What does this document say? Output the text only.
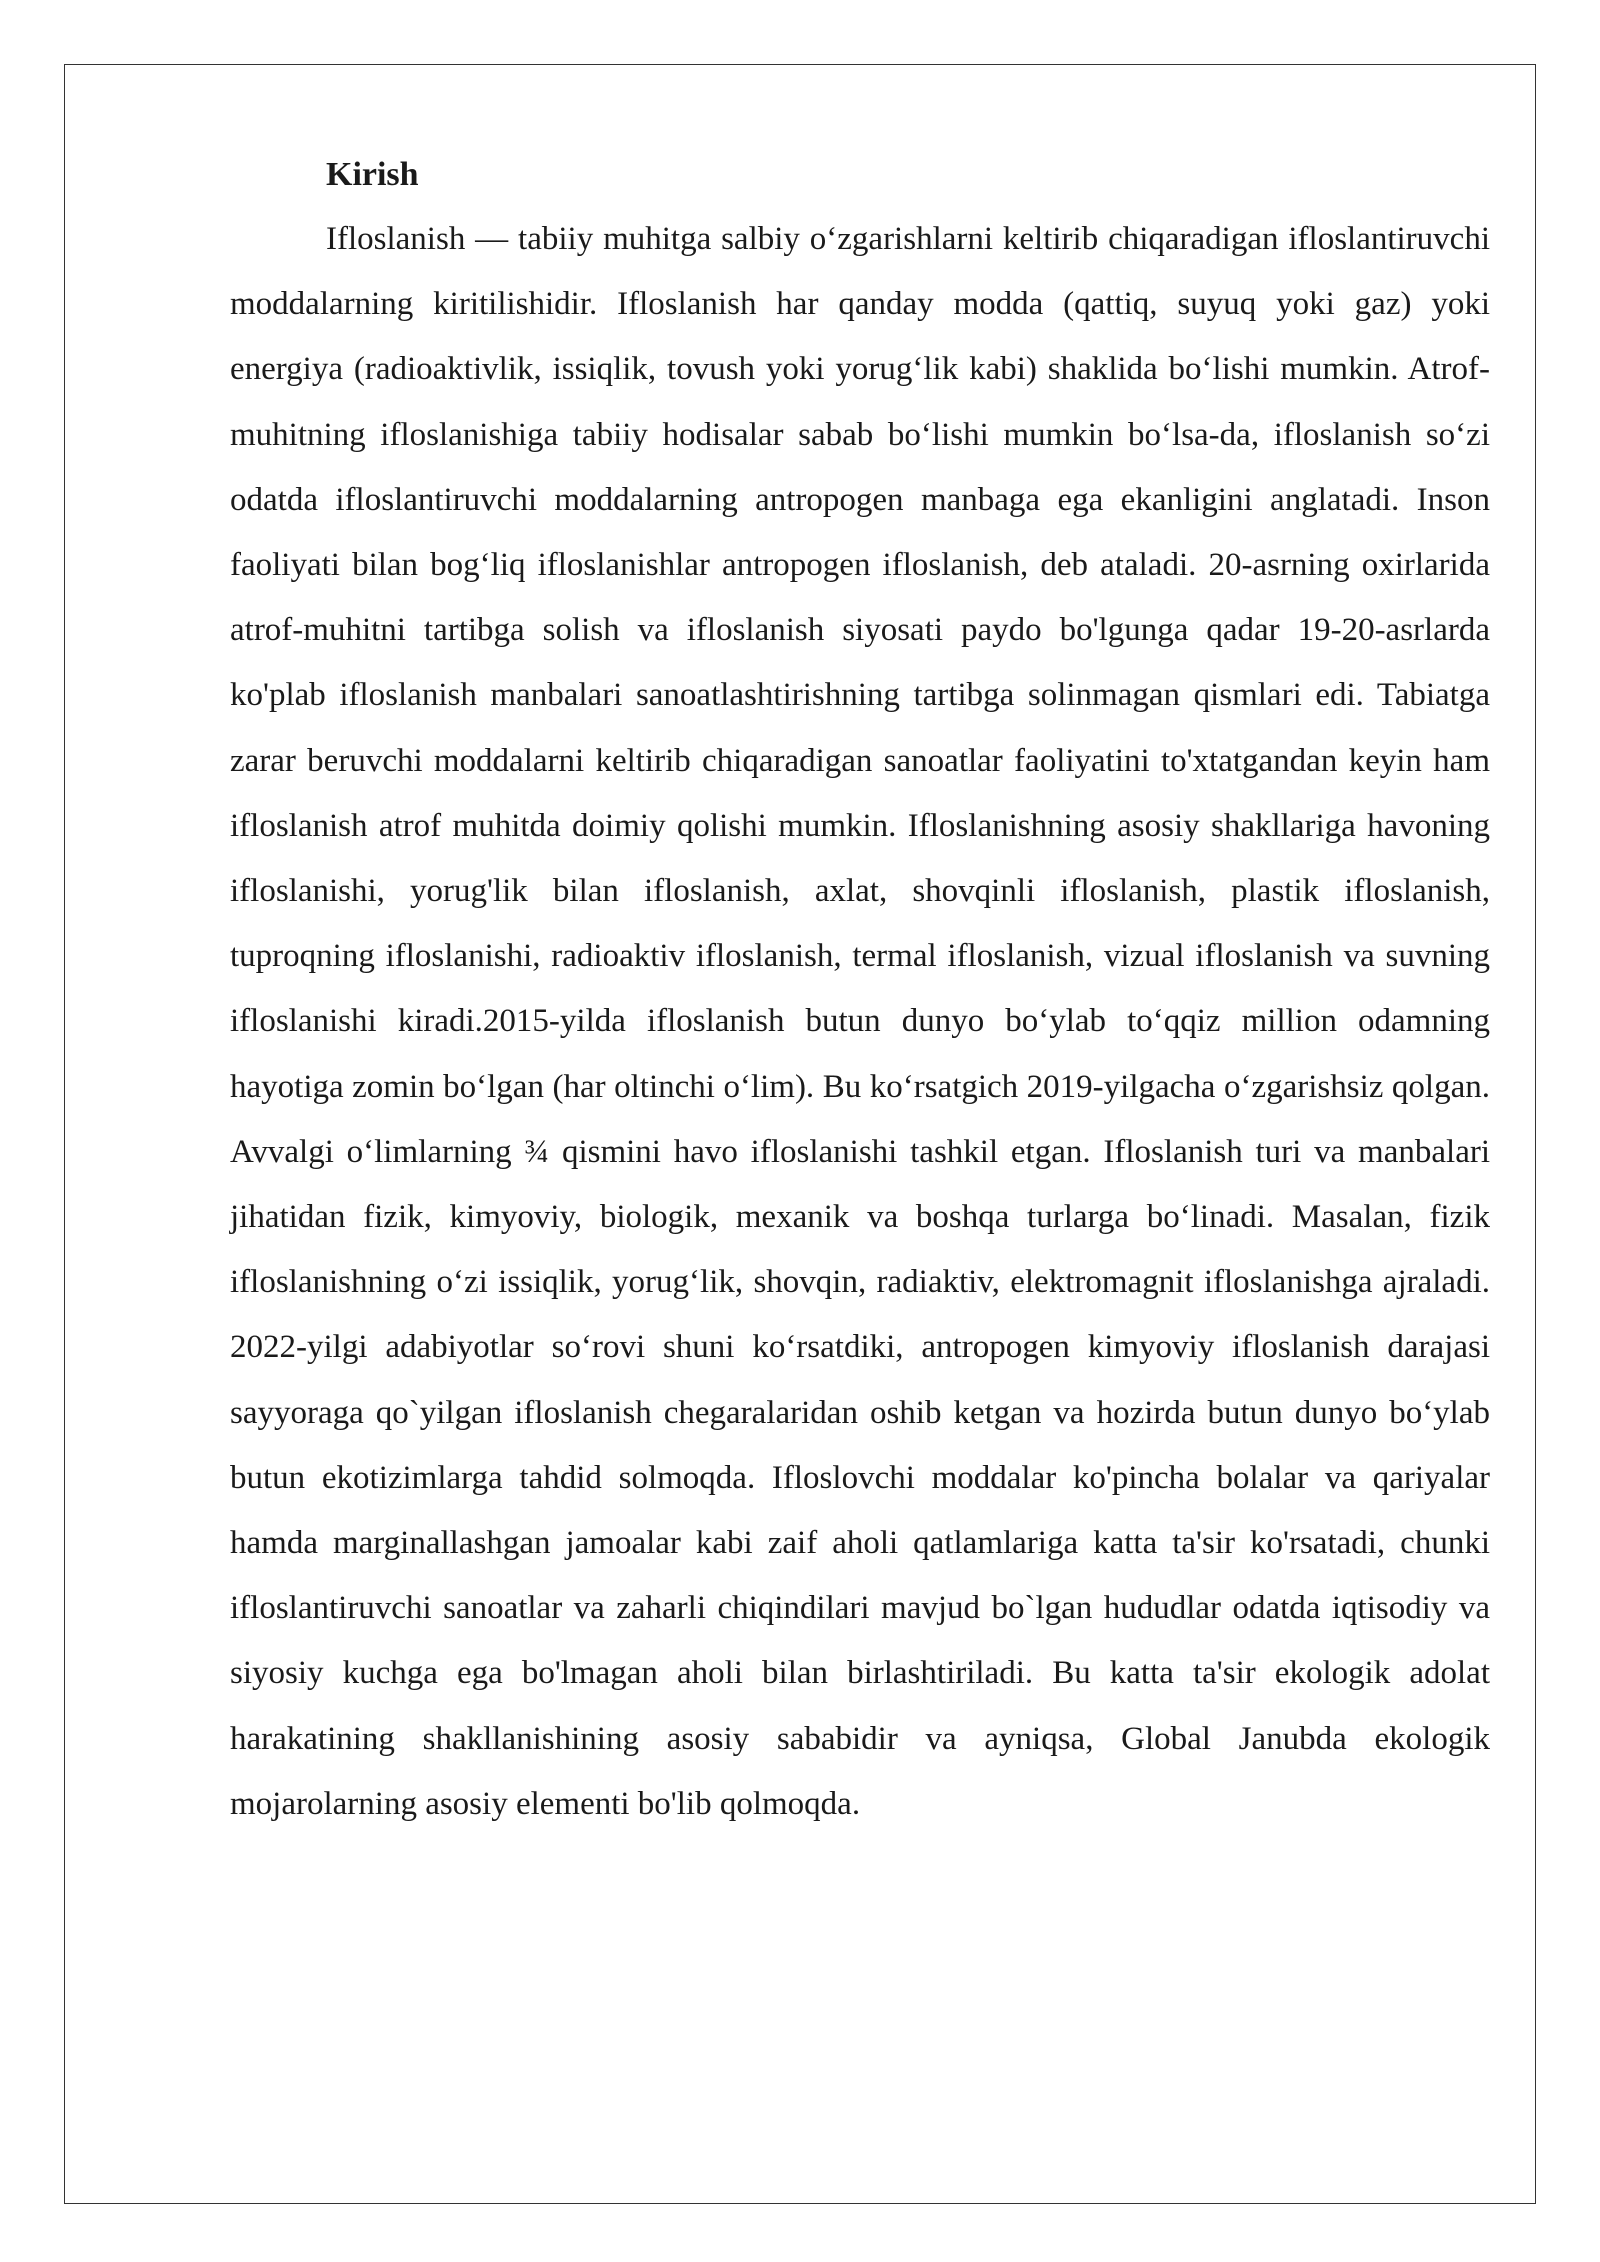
Kirish

Ifloslanish — tabiiy muhitga salbiy oʻzgarishlarni keltirib chiqaradigan ifloslantiruvchi moddalarning kiritilishidir. Ifloslanish har qanday modda (qattiq, suyuq yoki gaz) yoki energiya (radioaktivlik, issiqlik, tovush yoki yorugʻlik kabi) shaklida boʻlishi mumkin. Atrof-muhitning ifloslanishiga tabiiy hodisalar sabab boʻlishi mumkin boʻlsa-da, ifloslanish soʻzi odatda ifloslantiruvchi moddalarning antropogen manbaga ega ekanligini anglatadi. Inson faoliyati bilan bogʻliq ifloslanishlar antropogen ifloslanish, deb ataladi. 20-asrning oxirlarida atrof-muhitni tartibga solish va ifloslanish siyosati paydo bo'lgunga qadar 19-20-asrlarda ko'plab ifloslanish manbalari sanoatlashtirishning tartibga solinmagan qismlari edi. Tabiatga zarar beruvchi moddalarni keltirib chiqaradigan sanoatlar faoliyatini to'xtatgandan keyin ham ifloslanish atrof muhitda doimiy qolishi mumkin. Ifloslanishning asosiy shakllariga havoning ifloslanishi, yorug'lik bilan ifloslanish, axlat, shovqinli ifloslanish, plastik ifloslanish, tuproqning ifloslanishi, radioaktiv ifloslanish, termal ifloslanish, vizual ifloslanish va suvning ifloslanishi kiradi.2015-yilda ifloslanish butun dunyo boʻylab toʻqqiz million odamning hayotiga zomin boʻlgan (har oltinchi oʻlim). Bu koʻrsatgich 2019-yilgacha oʻzgarishsiz qolgan. Avvalgi oʻlimlarning ¾ qismini havo ifloslanishi tashkil etgan. Ifloslanish turi va manbalari jihatidan fizik, kimyoviy, biologik, mexanik va boshqa turlarga boʻlinadi. Masalan, fizik ifloslanishning oʻzi issiqlik, yorugʻlik, shovqin, radiaktiv, elektromagnit ifloslanishga ajraladi. 2022-yilgi adabiyotlar soʻrovi shuni koʻrsatdiki, antropogen kimyoviy ifloslanish darajasi sayyoraga qo`yilgan ifloslanish chegaralaridan oshib ketgan va hozirda butun dunyo boʻylab butun ekotizimlarga tahdid solmoqda. Ifloslovchi moddalar ko'pincha bolalar va qariyalar hamda marginallashgan jamoalar kabi zaif aholi qatlamlariga katta ta'sir ko'rsatadi, chunki ifloslantiruvchi sanoatlar va zaharli chiqindilari mavjud bo`lgan hududlar odatda iqtisodiy va siyosiy kuchga ega bo'lmagan aholi bilan birlashtiriladi. Bu katta ta'sir ekologik adolat harakatining shakllanishining asosiy sababidir va ayniqsa, Global Janubda ekologik mojarolarning asosiy elementi bo'lib qolmoqda.
